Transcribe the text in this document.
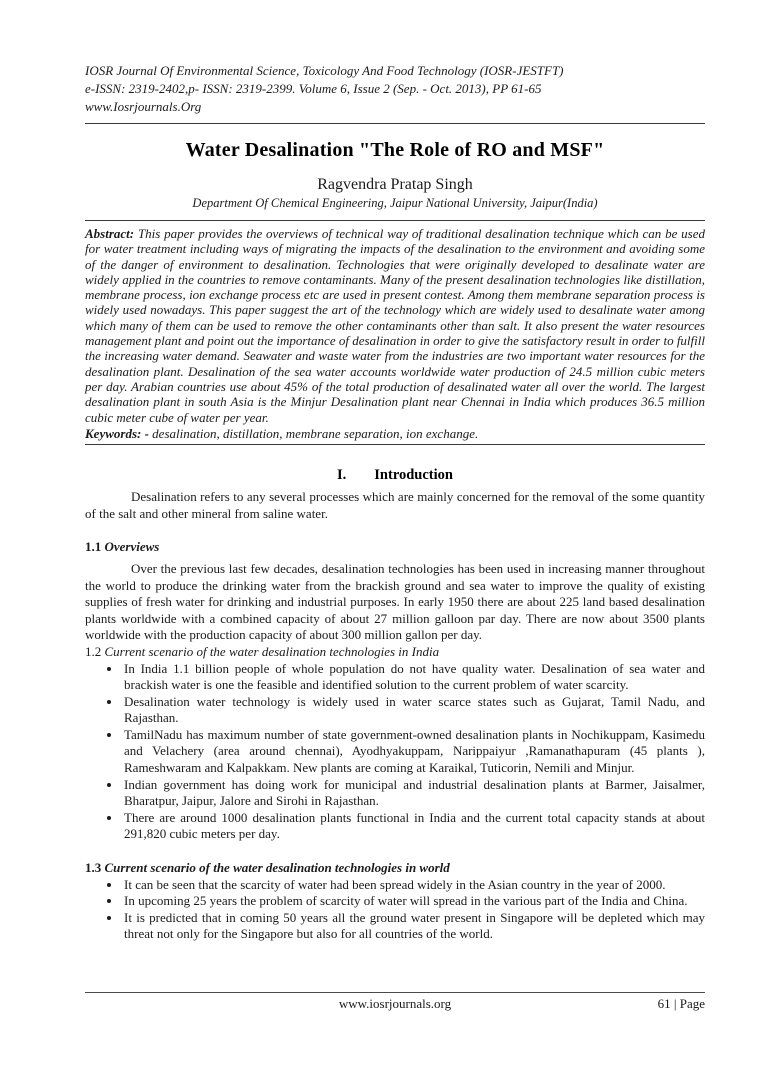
IOSR Journal Of Environmental Science, Toxicology And Food Technology (IOSR-JESTFT)
e-ISSN: 2319-2402,p- ISSN: 2319-2399. Volume 6, Issue 2 (Sep. - Oct. 2013), PP 61-65
www.Iosrjournals.Org
Water Desalination "The Role of RO and MSF"
Ragvendra Pratap Singh
Department Of Chemical Engineering, Jaipur National University, Jaipur(India)
Abstract: This paper provides the overviews of technical way of traditional desalination technique which can be used for water treatment including ways of migrating the impacts of the desalination to the environment and avoiding some of the danger of environment to desalination. Technologies that were originally developed to desalinate water are widely applied in the countries to remove contaminants. Many of the present desalination technologies like distillation, membrane process, ion exchange process etc are used in present contest. Among them membrane separation process is widely used nowadays. This paper suggest the art of the technology which are widely used to desalinate water among which many of them can be used to remove the other contaminants other than salt. It also present the water resources management plant and point out the importance of desalination in order to give the satisfactory result in order to fulfill the increasing water demand. Seawater and waste water from the industries are two important water resources for the desalination plant. Desalination of the sea water accounts worldwide water production of 24.5 million cubic meters per day. Arabian countries use about 45% of the total production of desalinated water all over the world. The largest desalination plant in south Asia is the Minjur Desalination plant near Chennai in India which produces 36.5 million cubic meter cube of water per year.
Keywords: - desalination, distillation, membrane separation, ion exchange.
I. Introduction

Desalination refers to any several processes which are mainly concerned for the removal of the some quantity of the salt and other mineral from saline water.

1.1 Overviews

Over the previous last few decades, desalination technologies has been used in increasing manner throughout the world to produce the drinking water from the brackish ground and sea water to improve the quality of existing supplies of fresh water for drinking and industrial purposes. In early 1950 there are about 225 land based desalination plants worldwide with a combined capacity of about 27 million galloon par day. There are now about 3500 plants worldwide with the production capacity of about 300 million gallon per day.

1.2 Current scenario of the water desalination technologies in India
• In India 1.1 billion people of whole population do not have quality water. Desalination of sea water and brackish water is one the feasible and identified solution to the current problem of water scarcity.
• Desalination water technology is widely used in water scarce states such as Gujarat, Tamil Nadu, and Rajasthan.
• TamilNadu has maximum number of state government-owned desalination plants in Nochikuppam, Kasimedu and Velachery (area around chennai), Ayodhyakuppam, Narippaiyur ,Ramanathapuram (45 plants ), Rameshwaram and Kalpakkam. New plants are coming at Karaikal, Tuticorin, Nemili and Minjur.
• Indian government has doing work for municipal and industrial desalination plants at Barmer, Jaisalmer, Bharatpur, Jaipur, Jalore and Sirohi in Rajasthan.
• There are around 1000 desalination plants functional in India and the current total capacity stands at about 291,820 cubic meters per day.
1.3 Current scenario of the water desalination technologies in world
• It can be seen that the scarcity of water had been spread widely in the Asian country in the year of 2000.
• In upcoming 25 years the problem of scarcity of water will spread in the various part of the India and China.
• It is predicted that in coming 50 years all the ground water present in Singapore will be depleted which may threat not only for the Singapore but also for all countries of the world.
www.iosrjournals.org	61 | Page
